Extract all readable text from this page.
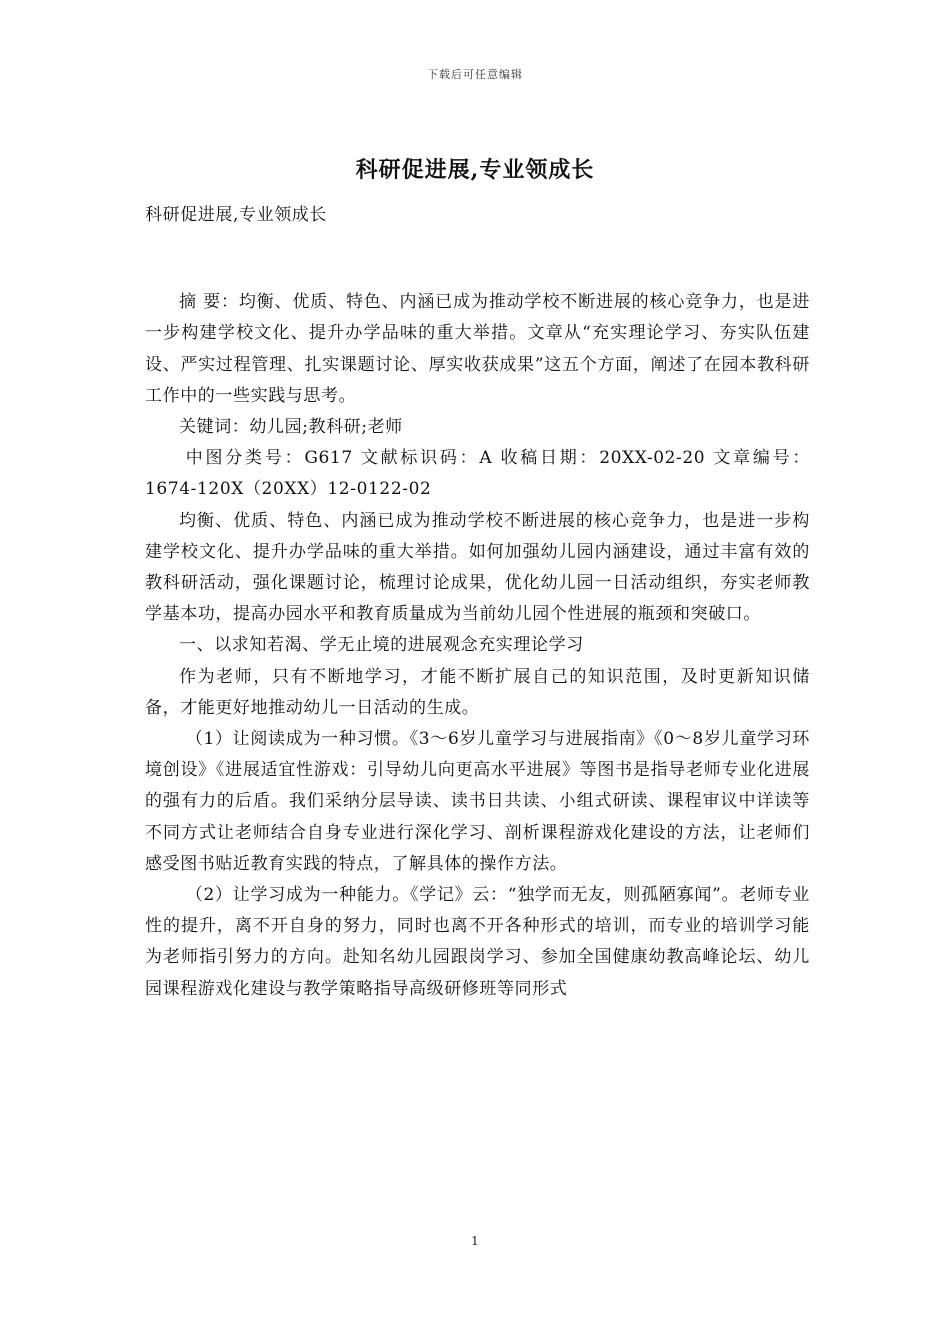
下载后可任意编辑
科研促进展,专业领成长

科研促进展,专业领成长

摘 要：均衡、优质、特色、内涵已成为推动学校不断进展的核心竞争力，也是进一步构建学校文化、提升办学品味的重大举措。文章从“充实理论学习、夯实队伍建设、严实过程管理、扎实课题讨论、厚实收获成果”这五个方面，阐述了在园本教科研工作中的一些实践与思考。

关键词：幼儿园;教科研;老师

中图分类号：G617 文献标识码：A 收稿日期：20XX-02-20 文章编号：1674-120X（20XX）12-0122-02

均衡、优质、特色、内涵已成为推动学校不断进展的核心竞争力，也是进一步构建学校文化、提升办学品味的重大举措。如何加强幼儿园内涵建设，通过丰富有效的教科研活动，强化课题讨论，梳理讨论成果，优化幼儿园一日活动组织，夯实老师教学基本功，提高办园水平和教育质量成为当前幼儿园个性进展的瓶颈和突破口。

一、以求知若渴、学无止境的进展观念充实理论学习

作为老师，只有不断地学习，才能不断扩展自己的知识范围，及时更新知识储备，才能更好地推动幼儿一日活动的生成。

（1）让阅读成为一种习惯。《3～6岁儿童学习与进展指南》《0～8岁儿童学习环境创设》《进展适宜性游戏：引导幼儿向更高水平进展》等图书是指导老师专业化进展的强有力的后盾。我们采纳分层导读、读书日共读、小组式研读、课程审议中详读等不同方式让老师结合自身专业进行深化学习、剖析课程游戏化建设的方法，让老师们感受图书贴近教育实践的特点，了解具体的操作方法。

（2）让学习成为一种能力。《学记》云：“独学而无友，则孤陋寡闻”。老师专业性的提升，离不开自身的努力，同时也离不开各种形式的培训，而专业的培训学习能为老师指引努力的方向。赴知名幼儿园跟岗学习、参加全国健康幼教高峰论坛、幼儿园课程游戏化建设与教学策略指导高级研修班等同形式

1
